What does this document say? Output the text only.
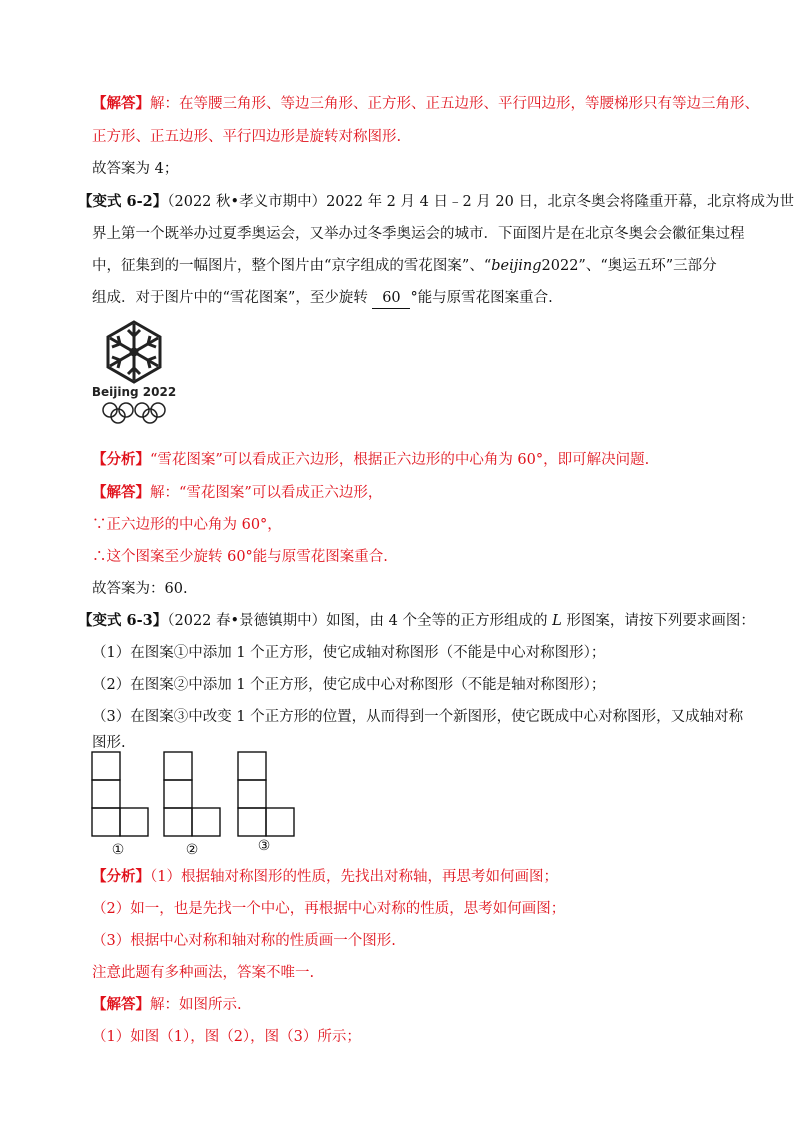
【解答】解：在等腰三角形、等边三角形、正方形、正五边形、平行四边形，等腰梯形只有等边三角形、
正方形、正五边形、平行四边形是旋转对称图形.
故答案为 4；
【变式 6-2】（2022 秋•孝义市期中）2022 年 2 月 4 日﹣2 月 20 日，北京冬奥会将隆重开幕，北京将成为世
界上第一个既举办过夏季奥运会，又举办过冬季奥运会的城市．下面图片是在北京冬奥会会徽征集过程
中，征集到的一幅图片，整个图片由“京字组成的雪花图案”、“beijing2022”、“奥运五环”三部分
组成．对于图片中的“雪花图案”，至少旋转 60 °能与原雪花图案重合.
Beijing 2022
【分析】“雪花图案”可以看成正六边形，根据正六边形的中心角为 60°，即可解决问题.
【解答】解：“雪花图案”可以看成正六边形，
∵正六边形的中心角为 60°，
∴这个图案至少旋转 60°能与原雪花图案重合.
故答案为：60.
【变式 6-3】（2022 春•景德镇期中）如图，由 4 个全等的正方形组成的 L 形图案，请按下列要求画图：
（1）在图案①中添加 1 个正方形，使它成轴对称图形（不能是中心对称图形）；
（2）在图案②中添加 1 个正方形，使它成中心对称图形（不能是轴对称图形）；
（3）在图案③中改变 1 个正方形的位置，从而得到一个新图形，使它既成中心对称图形，又成轴对称
图形.
①	②	③
【分析】（1）根据轴对称图形的性质，先找出对称轴，再思考如何画图；
（2）如一，也是先找一个中心，再根据中心对称的性质，思考如何画图；
（3）根据中心对称和轴对称的性质画一个图形.
注意此题有多种画法，答案不唯一.
【解答】解：如图所示.
（1）如图（1），图（2），图（3）所示；
